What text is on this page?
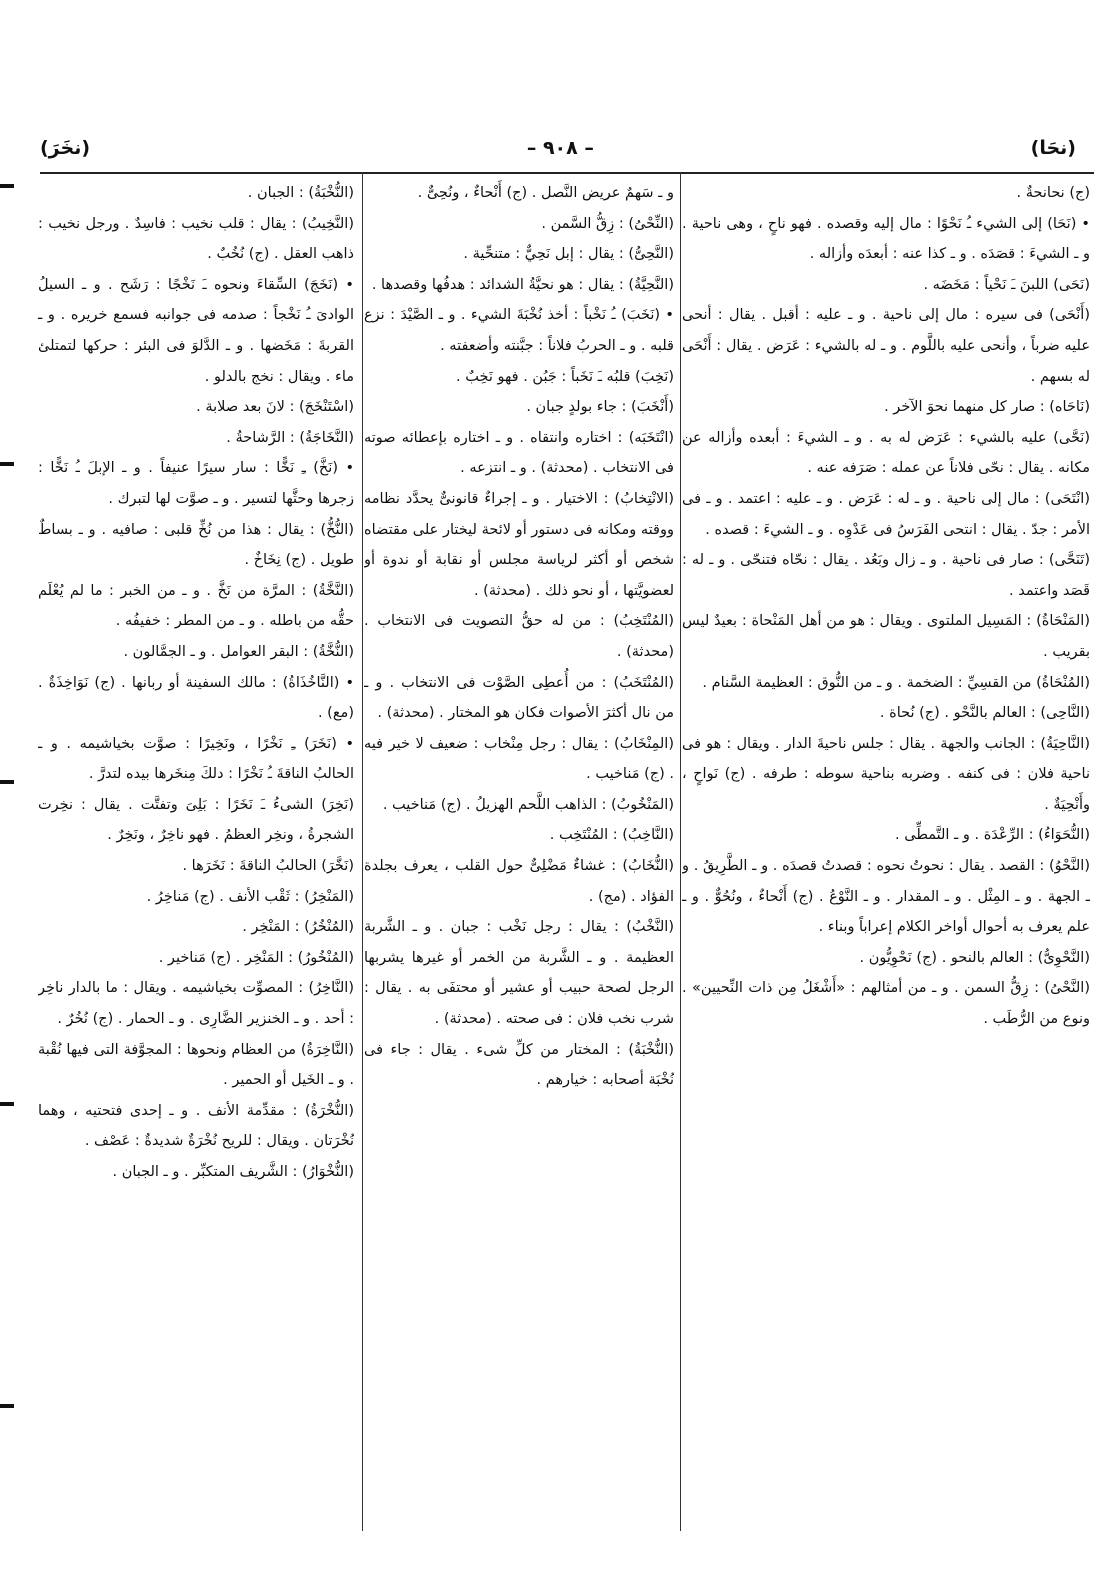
(نحَا)
– ٩٠٨ –
(نخَرَ)

(ج) نحانحةٌ .

• (نَحَا) إلى الشيء ـُ نَحْوًا : مال إليه وقصده . فهو ناحٍ ، وهى ناحية . و ـ الشيءَ : قصَدَه . و ـ كذا عنه : أبعدَه وأزاله .

(نَحَى) اللبنَ ـَ نَحْياً : مَخَضَه .

(أَنْحَى) فى سيره : مال إلى ناحية . و ـ عليه : أقبل . يقال : أنحى عليه ضرباً ، وأنحى عليه باللَّوم . و ـ له بالشيء : عَرَض . يقال : أَنْحَى له بسهم .

(نَاحَاه) : صار كل منهما نحوَ الآخر .

(نَحَّى) عليه بالشيء : عَرَض له به . و ـ الشيءَ : أبعده وأزاله عن مكانه . يقال : نحّى فلاناً عن عمله : صَرَفه عنه .

(انْتَحَى) : مال إلى ناحية . و ـ له : عَرَض . و ـ عليه : اعتمد . و ـ فى الأمر : جدّ . يقال : انتحى الفَرَسُ فى عَدْوِه . و ـ الشيءَ : قصده .

(تَنَحَّى) : صار فى ناحية . و ـ زال وبَعُد . يقال : نحّاه فتنحّى . و ـ له : قَصَد واعتمد .

(المَنْحَاةُ) : المَسِيل الملتوى . ويقال : هو من أهل المَنْحاة : بعيدٌ ليس بقريب .

(المُنْحَاةُ) من القسِيِّ : الضخمة . و ـ من النُّوق : العظيمة السَّنام .

(النَّاحِى) : العالم بالنَّحْو . (ج) نُحاة .

(النَّاحِيَةُ) : الجانب والجهة . يقال : جلس ناحيةَ الدار . ويقال : هو فى ناحية فلان : فى كنفه . وضربه بناحية سوطه : طرفه . (ج) نَواحٍ ، وأَنْحِيَةٌ .

(النُّحَوَاءُ) : الرِّعْدَة . و ـ التَّمطِّى .

(النَّحْوُ) : القصد . يقال : نحوتُ نحوه : قصدتُ قصدَه . و ـ الطَّرِيقُ . و ـ الجهة . و ـ المِثْل . و ـ المقدار . و ـ النَّوْعُ . (ج) أَنْحاءٌ ، ونُحُوٌّ . و ـ علم يعرف به أحوال أواخر الكلام إعراباً وبناء .

(النَّحْوِىُّ) : العالم بالنحو . (ج) نَحْوِيُّون .

(النَّحْىُ) : زِقُّ السمن . و ـ من أمثالهم : «أَشْغَلُ مِن ذات النِّحيين» . ونوع من الرُّطَب .

و ـ سَهمٌ عريض النَّصل . (ج) أَنْحاءٌ ، ونُحِىٌّ .

(النِّحْىُ) : زِقُّ السَّمن .

(النَّحِىُّ) : يقال : إبل نَحِيٌّ : متنحِّية .

(النَّحِيَّةُ) : يقال : هو نحيَّةُ الشدائد : هدفُها وقصدها .

• (نَخَبَ) ـُ نَخْباً : أخذ نُخْبَةَ الشيء . و ـ الصَّيْدَ : نزع قلبه . و ـ الحربُ فلاناً : جبَّنته وأضعفته .

(نَخِبَ) قلبُه ـَ نَخَباً : جَبُن . فهو نَخِبٌ .

(أَنْخَبَ) : جاء بولدٍ جبان .

(انْتَخَبَه) : اختاره وانتقاه . و ـ اختاره بإعطائه صوته فى الانتخاب . (محدثة) . و ـ انتزعه .

(الانْتِخابُ) : الاختيار . و ـ إجراءٌ قانونىٌّ يحدَّد نظامه ووقته ومكانه فى دستور أو لائحة ليختار على مقتضاه شخص أو أكثر لرياسة مجلس أو نقابة أو ندوة أو لعضويَّتها ، أو نحو ذلك . (محدثة) .

(المُنْتَخِبُ) : من له حقُّ التصويت فى الانتخاب . (محدثة) .

(المُنْتَخَبُ) : من أُعطِى الصَّوْت فى الانتخاب . و ـ من نال أكثرَ الأصوات فكان هو المختار . (محدثة) .

(المِنْخَابُ) : يقال : رجل مِنْخاب : ضعيف لا خير فيه . (ج) مَناخيب .

(المَنْخُوبُ) : الذاهب اللَّحم الهزيلُ . (ج) مَناخيب .

(النَّاخِبُ) : المُنْتَخِب .

(النُّخَابُ) : غشاءٌ مَضْلِىٌّ حول القلب ، يعرف بجلدة الفؤاد . (مج) .

(النَّخْبُ) : يقال : رجل نَخْب : جبان . و ـ الشَّربة العظيمة . و ـ الشَّربة من الخمر أو غيرها يشربها الرجل لصحة حبيب أو عشير أو محتفَى به . يقال : شرب نخب فلان : فى صحته . (محدثة) .

(النُّخْبَةُ) : المختار من كلِّ شىء . يقال : جاء فى نُخْبَة أصحابه : خيارهم .

(النُّخْبَةُ) : الجبان .

(النَّخِيبُ) : يقال : قلب نخيب : فاسِدٌ . ورجل نخيب : ذاهب العقل . (ج) نُخُبٌ .

• (نَخَجَ) السِّقاءَ ونحوه ـَ نَخْجًا : رَشَح . و ـ السيلُ الوادىَ ـُ نَخْجاً : صدمه فى جوانبه فسمع خريره . و ـ القربةَ : مَخَضها . و ـ الدَّلوَ فى البئر : حركها لتمتلئ ماء . ويقال : نخج بالدلو .

(اسْتَنْخَجَ) : لانَ بعد صلابة .

(النَّخَاجَةُ) : الرَّشاحةُ .

• (نَخَّ) ـِ نَخًّا : سار سيرًا عنيفاً . و ـ الإبلَ ـُ نَخًّا : زجرها وحثَّها لتسير . و ـ صوَّت لها لتبرك .

(النُّخُّ) : يقال : هذا من نُخِّ قلبى : صافيه . و ـ بساطٌ طويل . (ج) نِخَاخٌ .

(النَّخَّةُ) : المرَّة من نَخَّ . و ـ من الخبر : ما لم يُعْلَم حقُّه من باطله . و ـ من المطر : خفيفُه .

(النُّخَّةُ) : البقر العوامل . و ـ الجمَّالون .

• (النَّاخُذَاةُ) : مالك السفينة أو ربانها . (ج) نَوَاخِذَةٌ . (مع) .

• (نَخَرَ) ـِ نَخْرًا ، ونَخِيرًا : صوَّت بخياشيمه . و ـ الحالبُ الناقةَ ـُ نَخْرًا : دلكَ مِنخَرها بيده لتدرَّ .

(نَخِرَ) الشىءُ ـَ نَخَرًا : بَلِىَ وتفتَّت . يقال : نخِرت الشجرةُ ، ونخِر العظمُ . فهو ناخِرٌ ، ونَخِرٌ .

(نَخَّرَ) الحالبُ الناقةَ : نَخَرَها .

(المَنْخِرُ) : ثَقْب الأنف . (ج) مَناخِرُ .

(المُنْخُرُ) : المَنْخِر .

(المُنْخُورُ) : المَنْخِر . (ج) مَناخير .

(النَّاخِرُ) : المصوِّت بخياشيمه . ويقال : ما بالدار ناخِر : أحد . و ـ الخنزير الضَّارِى . و ـ الحمار . (ج) نُخُرٌ .

(النَّاخِرَةُ) من العظام ونحوها : المجوَّفة التى فيها نُقْبة . و ـ الخَيل أو الحمير .

(النُّخْرَةُ) : مقدِّمة الأنف . و ـ إحدى فتحتيه ، وهما نُخْرَتان . ويقال : للريح نُخْرَةٌ شديدةٌ : عَصْف .

(النُّخْوَارُ) : الشَّريف المتكبِّر . و ـ الجبان .
